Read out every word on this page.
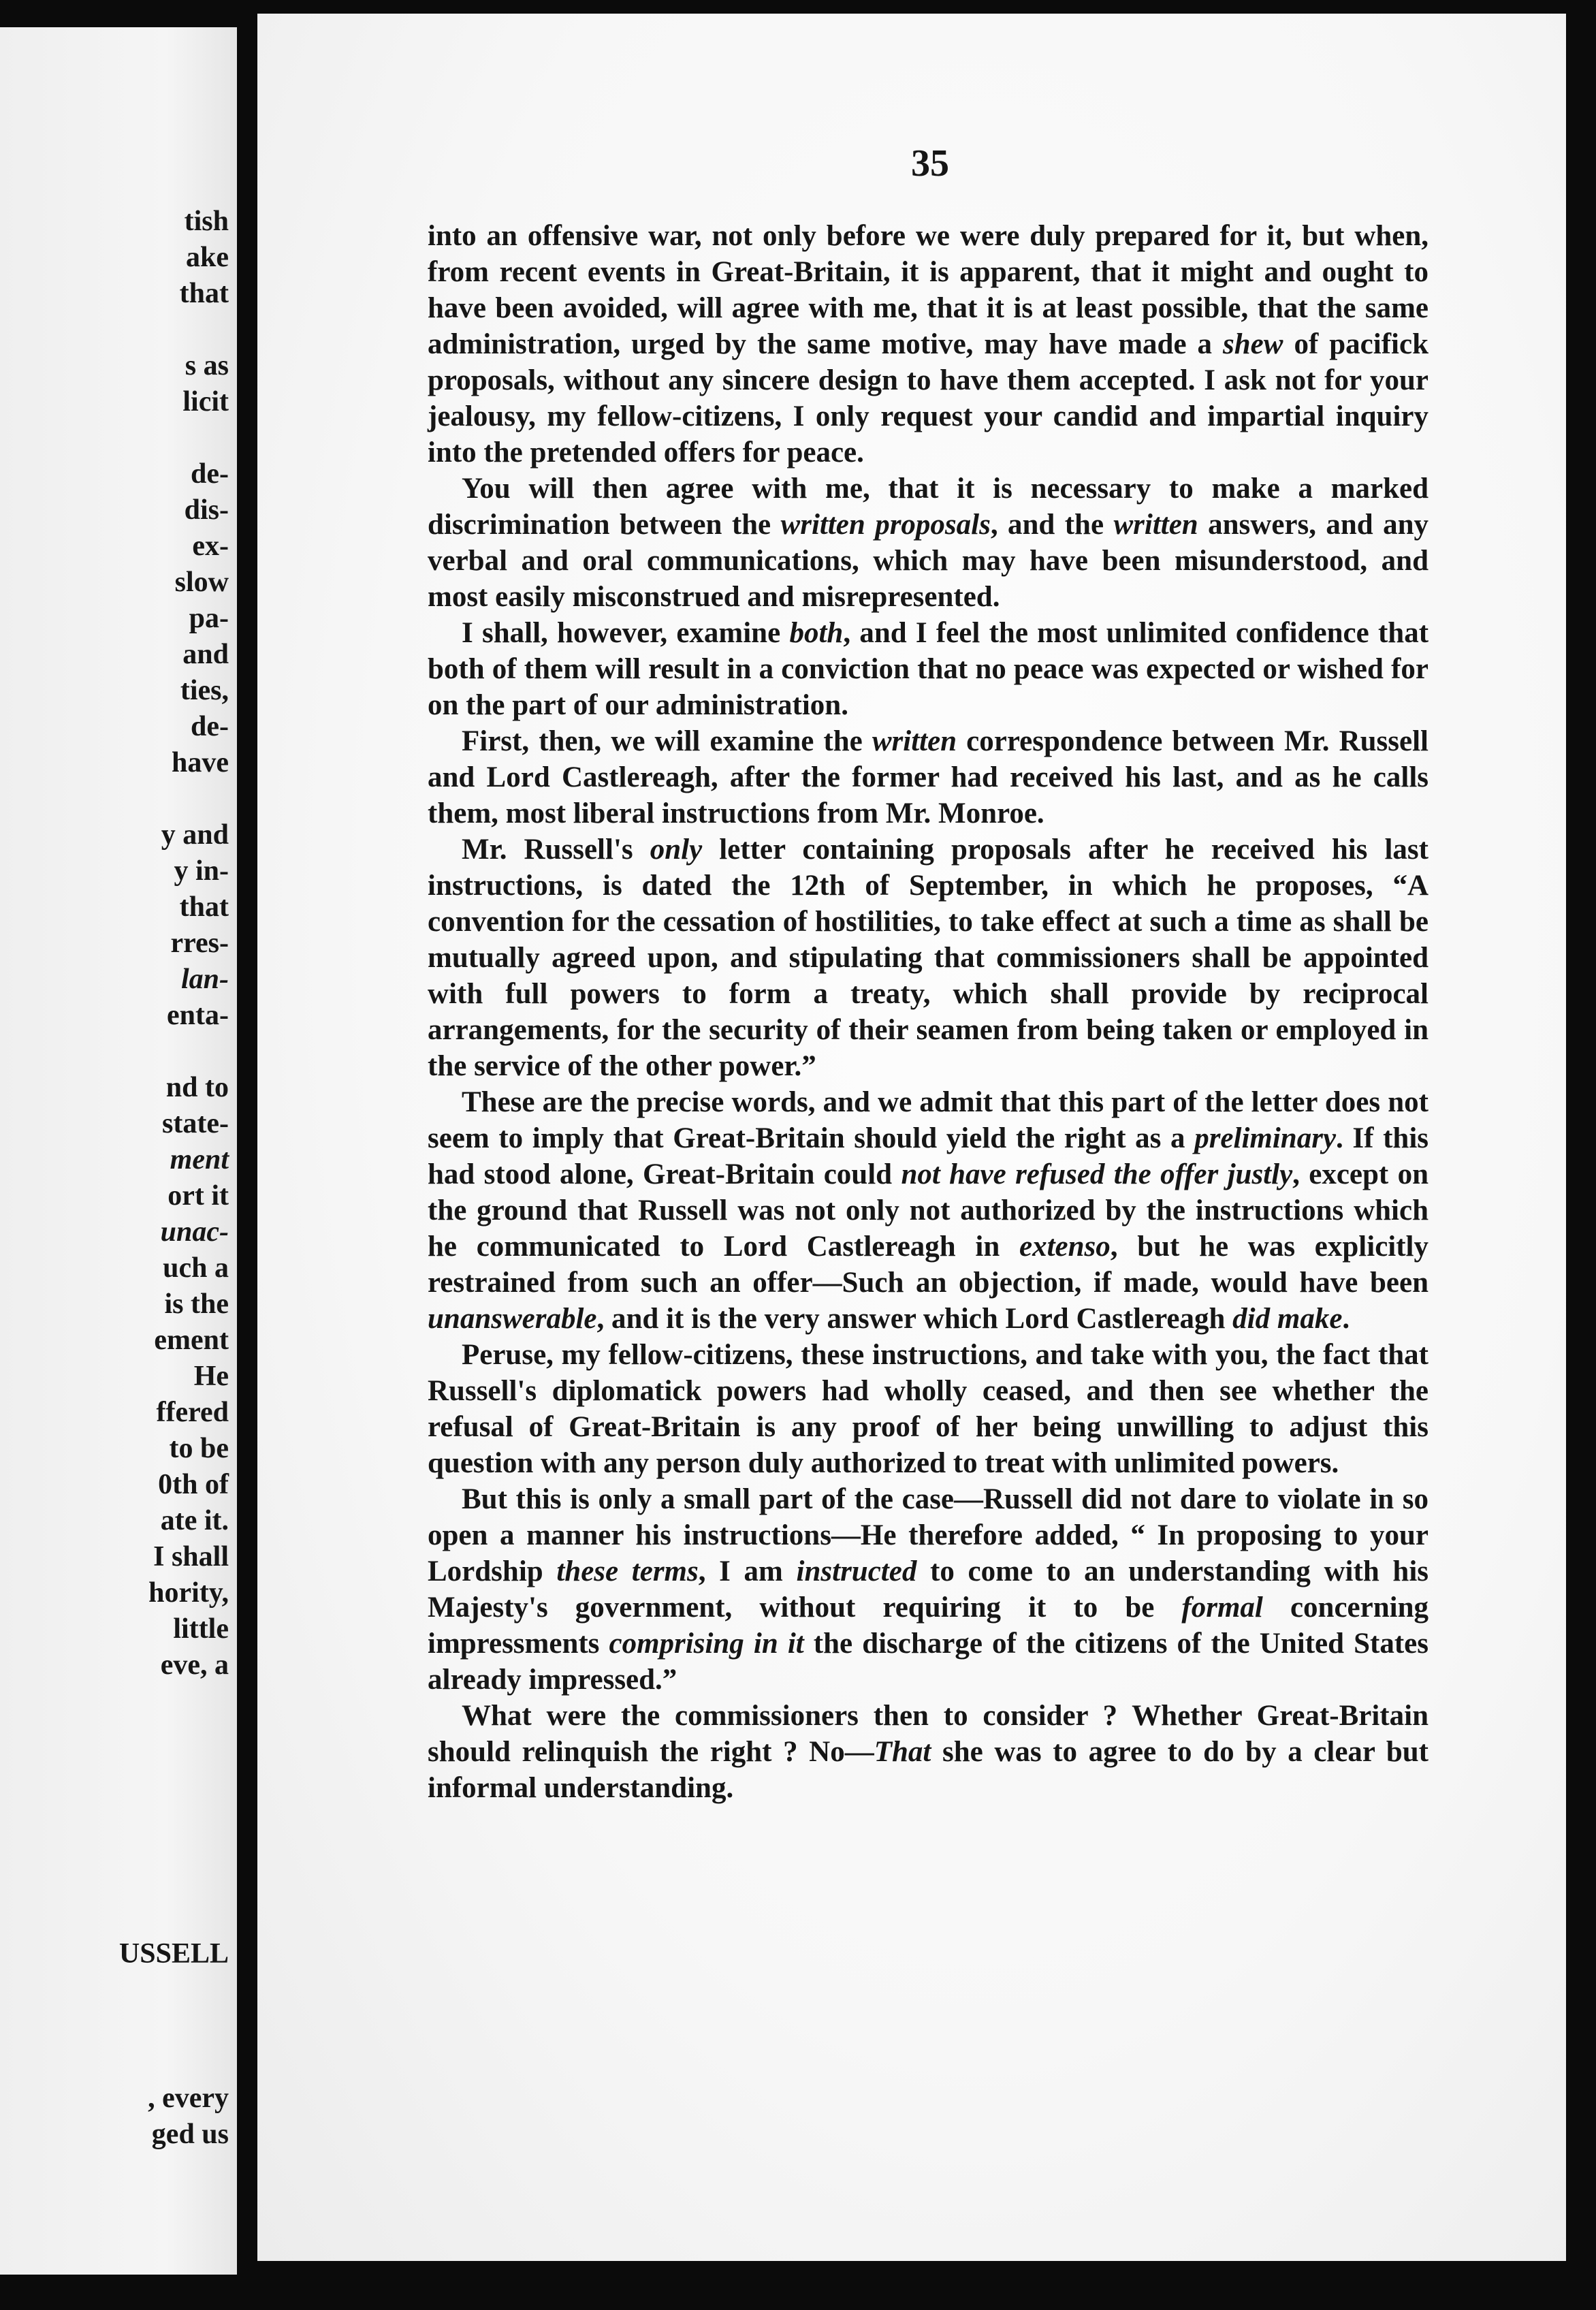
tish
ake
that
s as
licit
de-
dis-
ex-
slow
pa-
and
ties,
de-
have
y and
y in-
that
rres-
lan-
enta-
nd to
state-
ment
ort it
unac-
uch a
is the
ement
He
ffered
to be
0th of
ate it.
I shall
hority,
little
eve, a
USSELL
, every
ged us
35

into an offensive war, not only before we were duly prepared for it, but when, from recent events in Great-Britain, it is apparent, that it might and ought to have been avoided, will agree with me, that it is at least possible, that the same administration, urged by the same motive, may have made a shew of pacifick proposals, without any sincere design to have them accepted. I ask not for your jealousy, my fellow-citizens, I only request your candid and impartial inquiry into the pretended offers for peace.

You will then agree with me, that it is necessary to make a marked discrimination between the written proposals, and the written answers, and any verbal and oral communications, which may have been misunderstood, and most easily misconstrued and misrepresented.

I shall, however, examine both, and I feel the most unlimited confidence that both of them will result in a conviction that no peace was expected or wished for on the part of our administration.

First, then, we will examine the written correspondence between Mr. Russell and Lord Castlereagh, after the former had received his last, and as he calls them, most liberal instructions from Mr. Monroe.

Mr. Russell's only letter containing proposals after he received his last instructions, is dated the 12th of September, in which he proposes, “A convention for the cessation of hostilities, to take effect at such a time as shall be mutually agreed upon, and stipulating that commissioners shall be appointed with full powers to form a treaty, which shall provide by reciprocal arrangements, for the security of their seamen from being taken or employed in the service of the other power.”

These are the precise words, and we admit that this part of the letter does not seem to imply that Great-Britain should yield the right as a preliminary. If this had stood alone, Great-Britain could not have refused the offer justly, except on the ground that Russell was not only not authorized by the instructions which he communicated to Lord Castlereagh in extenso, but he was explicitly restrained from such an offer—Such an objection, if made, would have been unanswerable, and it is the very answer which Lord Castlereagh did make.

Peruse, my fellow-citizens, these instructions, and take with you, the fact that Russell's diplomatick powers had wholly ceased, and then see whether the refusal of Great-Britain is any proof of her being unwilling to adjust this question with any person duly authorized to treat with unlimited powers.

But this is only a small part of the case—Russell did not dare to violate in so open a manner his instructions—He therefore added, “ In proposing to your Lordship these terms, I am instructed to come to an understanding with his Majesty's government, without requiring it to be formal concerning impressments comprising in it the discharge of the citizens of the United States already impressed.”

What were the commissioners then to consider ? Whether Great-Britain should relinquish the right ? No—That she was to agree to do by a clear but informal understanding.
